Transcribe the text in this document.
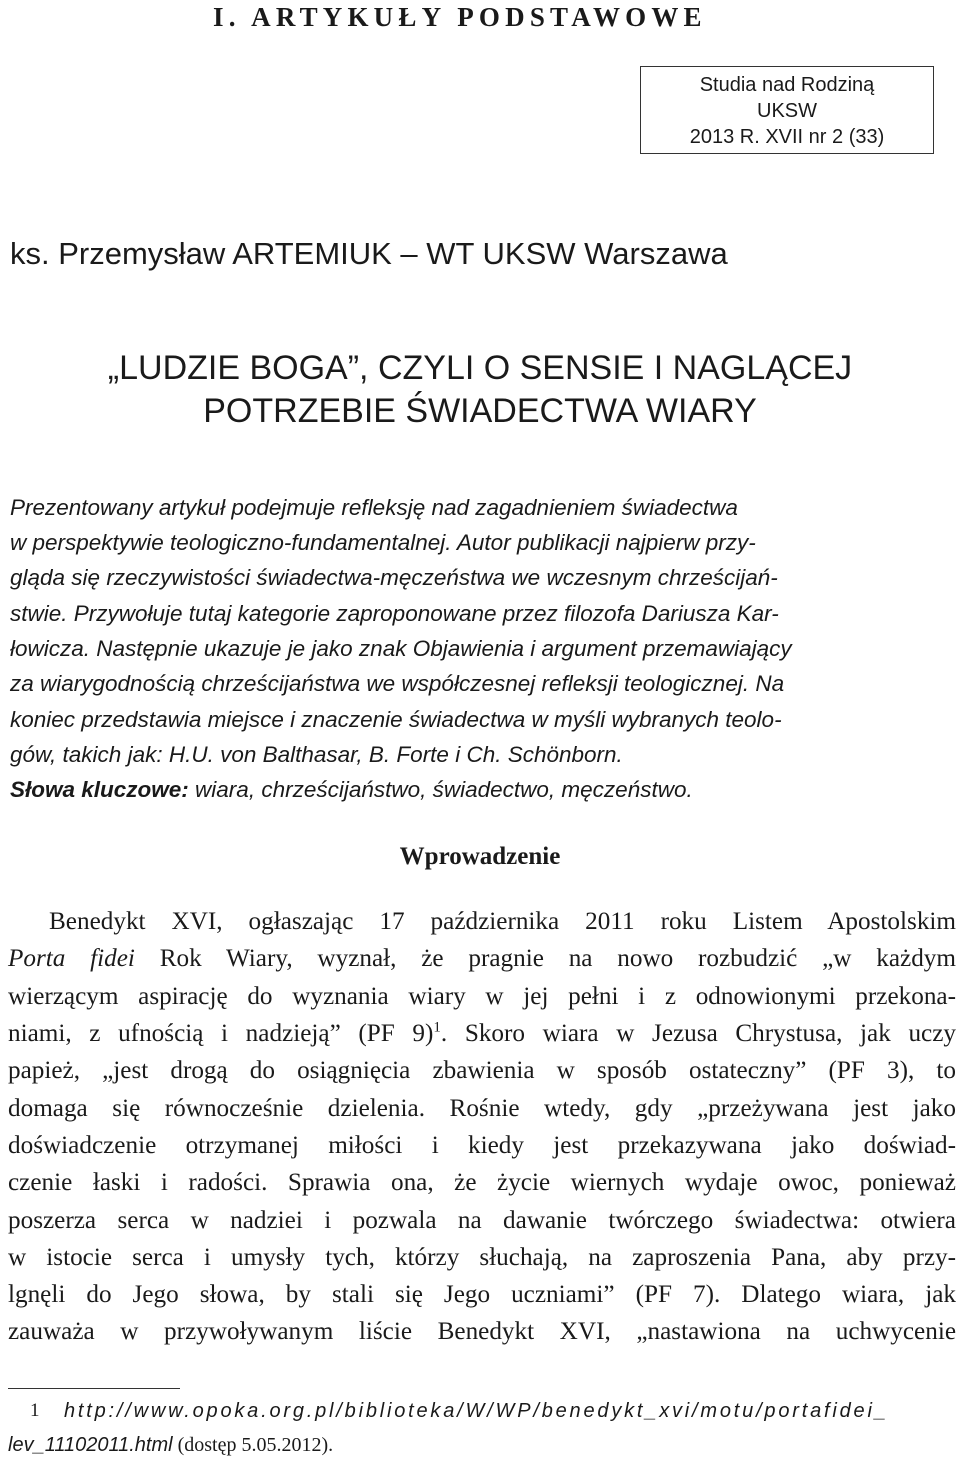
I. ARTYKUŁY PODSTAWOWE
Studia nad Rodziną
UKSW
2013 R. XVII nr 2 (33)
ks. Przemysław ARTEMIUK – WT UKSW Warszawa
„LUDZIE BOGA”, CZYLI O SENSIE I NAGLĄCEJ
POTRZEBIE ŚWIADECTWA WIARY
Prezentowany artykuł podejmuje refleksję nad zagadnieniem świadectwa
w perspektywie teologiczno-fundamentalnej. Autor publikacji najpierw przy-
gląda się rzeczywistości świadectwa-męczeństwa we wczesnym chrześcijań-
stwie. Przywołuje tutaj kategorie zaproponowane przez filozofa Dariusza Kar-
łowicza. Następnie ukazuje je jako znak Objawienia i argument przemawiający
za wiarygodnością chrześcijaństwa we współczesnej refleksji teologicznej. Na
koniec przedstawia miejsce i znaczenie świadectwa w myśli wybranych teolo-
gów, takich jak: H.U. von Balthasar, B. Forte i Ch. Schönborn.
Słowa kluczowe: wiara, chrześcijaństwo, świadectwo, męczeństwo.
Wprowadzenie
Benedykt XVI, ogłaszając 17 października 2011 roku Listem Apostolskim
Porta fidei Rok Wiary, wyznał, że pragnie na nowo rozbudzić „w każdym
wierzącym aspirację do wyznania wiary w jej pełni i z odnowionymi przekona-
niami, z ufnością i nadzieją” (PF 9)$^1$. Skoro wiara w Jezusa Chrystusa, jak uczy
papież, „jest drogą do osiągnięcia zbawienia w sposób ostateczny” (PF 3), to
domaga się równocześnie dzielenia. Rośnie wtedy, gdy „przeżywana jest jako
doświadczenie otrzymanej miłości i kiedy jest przekazywana jako doświad-
czenie łaski i radości. Sprawia ona, że życie wiernych wydaje owoc, ponieważ
poszerza serca w nadziei i pozwala na dawanie twórczego świadectwa: otwiera
w istocie serca i umysły tych, którzy słuchają, na zaproszenia Pana, aby przy-
lgnęli do Jego słowa, by stali się Jego uczniami” (PF 7). Dlatego wiara, jak
zauważa w przywoływanym liście Benedykt XVI, „nastawiona na uchwycenie
1 http://www.opoka.org.pl/biblioteka/W/WP/benedykt_xvi/motu/portafidei_
lev_11102011.html (dostęp 5.05.2012).
